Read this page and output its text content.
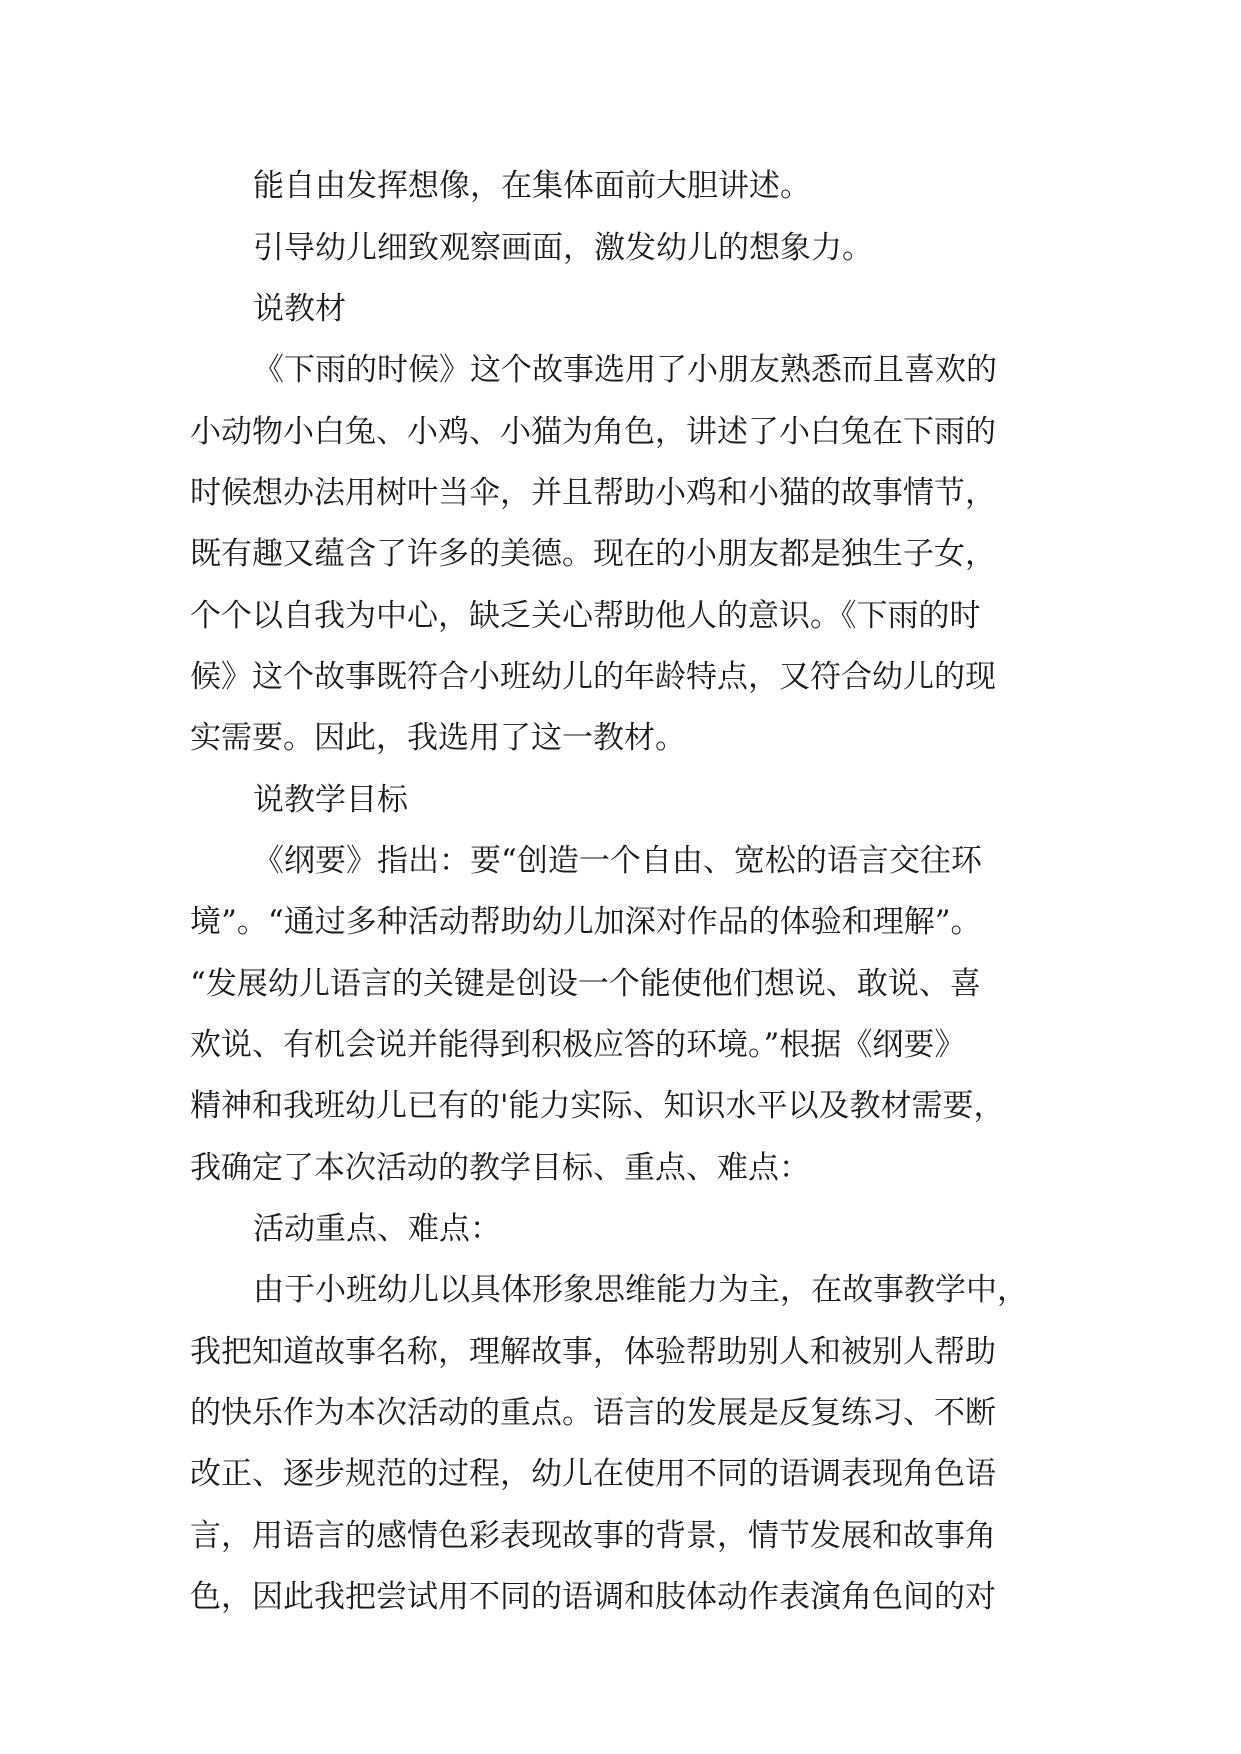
能自由发挥想像，在集体面前大胆讲述。
引导幼儿细致观察画面，激发幼儿的想象力。
说教材
《下雨的时候》这个故事选用了小朋友熟悉而且喜欢的
小动物小白兔、小鸡、小猫为角色，讲述了小白兔在下雨的
时候想办法用树叶当伞，并且帮助小鸡和小猫的故事情节，
既有趣又蕴含了许多的美德。现在的小朋友都是独生子女，
个个以自我为中心，缺乏关心帮助他人的意识。《下雨的时
候》这个故事既符合小班幼儿的年龄特点，又符合幼儿的现
实需要。因此，我选用了这一教材。
说教学目标
《纲要》指出：要“创造一个自由、宽松的语言交往环
境”。“通过多种活动帮助幼儿加深对作品的体验和理解”。
“发展幼儿语言的关键是创设一个能使他们想说、敢说、喜
欢说、有机会说并能得到积极应答的环境。”根据《纲要》
精神和我班幼儿已有的'能力实际、知识水平以及教材需要，
我确定了本次活动的教学目标、重点、难点：
活动重点、难点：
由于小班幼儿以具体形象思维能力为主，在故事教学中，
我把知道故事名称，理解故事，体验帮助别人和被别人帮助
的快乐作为本次活动的重点。语言的发展是反复练习、不断
改正、逐步规范的过程，幼儿在使用不同的语调表现角色语
言，用语言的感情色彩表现故事的背景，情节发展和故事角
色，因此我把尝试用不同的语调和肢体动作表演角色间的对
